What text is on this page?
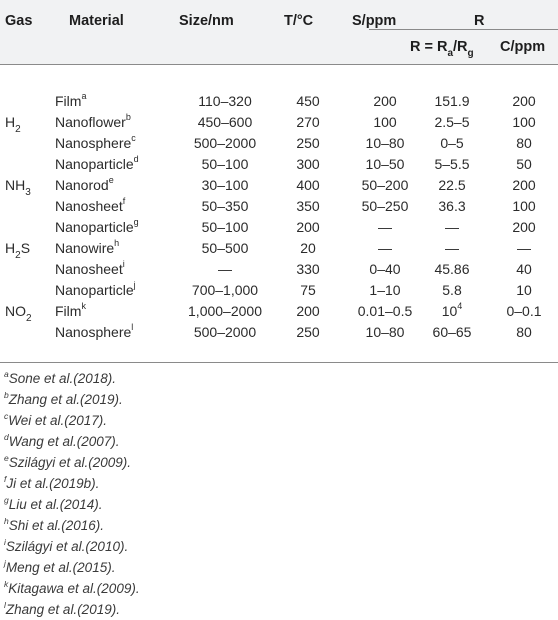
Gas	Material	Size/nm	T/°C	S/ppm	R
$R = R_a/R_g$ C/ppm
Film$^a$	110–320	450	200	151.9	200
$H_2$ Nanoflower$^b$	450–600	270	100	2.5–5	100
Nanosphere$^c$	500–2000	250	10–80	0–5	80
Nanoparticle$^d$	50–100	300	10–50	5–5.5	50
$NH_3$ Nanorod$^e$	30–100	400	50–200	22.5	200
Nanosheet$^f$	50–350	350	50–250	36.3	100
Nanoparticle$^g$	50–100	200	—	—	200
$H_2S$ Nanowire$^h$	50–500	20	—	—	—
Nanosheet$^i$	—	330	0–40	45.86	40
Nanoparticle$^j$	700–1,000	75	1–10	5.8	10
$NO_2$ Film$^k$	1,000–2000	200	0.01–0.5	$10^4$	0–0.1
Nanosphere$^l$	500–2000	250	10–80	60–65	80
$^a$Sone et al.(2018).
$^b$Zhang et al.(2019).
$^c$Wei et al.(2017).
$^d$Wang et al.(2007).
$^e$Szilágyi et al.(2009).
$^f$Ji et al.(2019b).
$^g$Liu et al.(2014).
$^h$Shi et al.(2016).
$^i$Szilágyi et al.(2010).
$^j$Meng et al.(2015).
$^k$Kitagawa et al.(2009).
$^l$Zhang et al.(2019).
